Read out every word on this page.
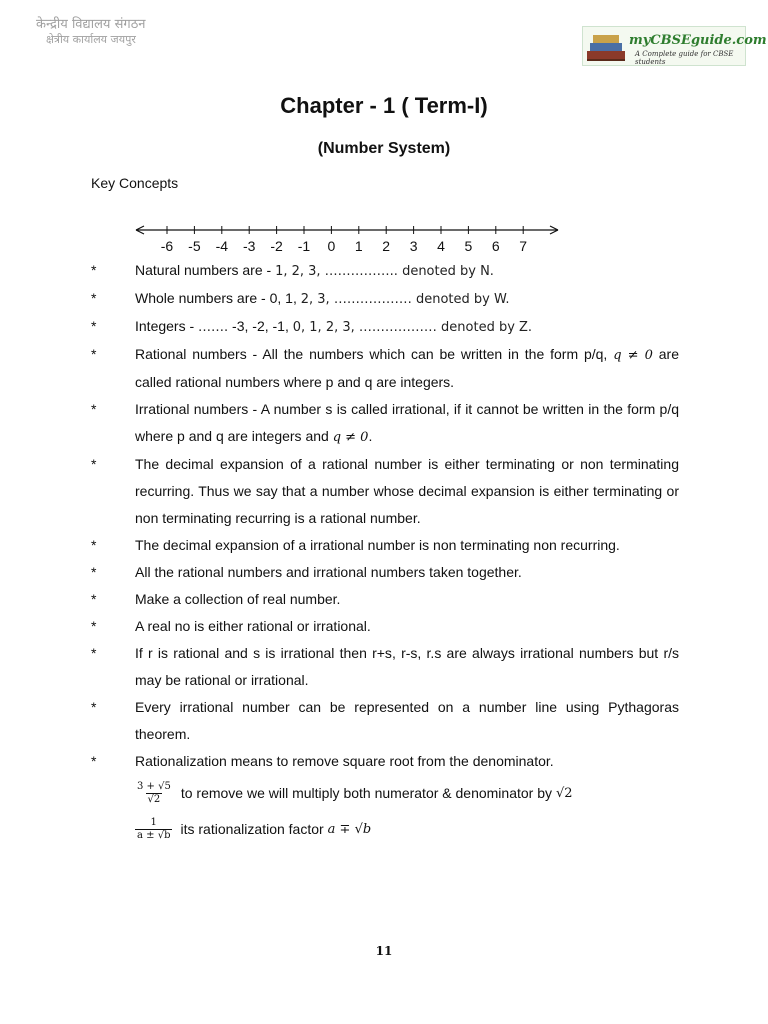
केन्द्रीय विद्यालय संगठन
क्षेत्रीय कार्यालय जयपुर	myCBSEguide.com
A Complete guide for CBSE students
Chapter - 1 ( Term-I)
(Number System)
Key Concepts
-6 -5 -4 -3 -2 -1 0 1 2 3 4 5 6 7
*	Natural numbers are - 1, 2, 3, …………….. denoted by N.
*	Whole numbers are - 0, 1, 2, 3, ……………… denoted by W.
*	Integers - ……. -3, -2, -1, 0, 1, 2, 3, ……………… denoted by Z.
*	Rational numbers - All the numbers which can be written in the form p/q, q ≠ 0 are called rational numbers where p and q are integers.
*	Irrational numbers - A number s is called irrational, if it cannot be written in the form p/q where p and q are integers and q ≠ 0.
*	The decimal expansion of a rational number is either terminating or non terminating recurring. Thus we say that a number whose decimal expansion is either terminating or non terminating recurring is a rational number.
*	The decimal expansion of a irrational number is non terminating non recurring.
*	All the rational numbers and irrational numbers taken together.
*	Make a collection of real number.
*	A real no is either rational or irrational.
*	If r is rational and s is irrational then r+s, r-s, r.s are always irrational numbers but r/s may be rational or irrational.
*	Every irrational number can be represented on a number line using Pythagoras theorem.
*	Rationalization means to remove square root from the denominator.
$\frac{3 + √5}{√2}$ to remove we will multiply both numerator & denominator by √2
$\frac{1}{a \pm √b}$ its rationalization factor a ∓ √b
11
